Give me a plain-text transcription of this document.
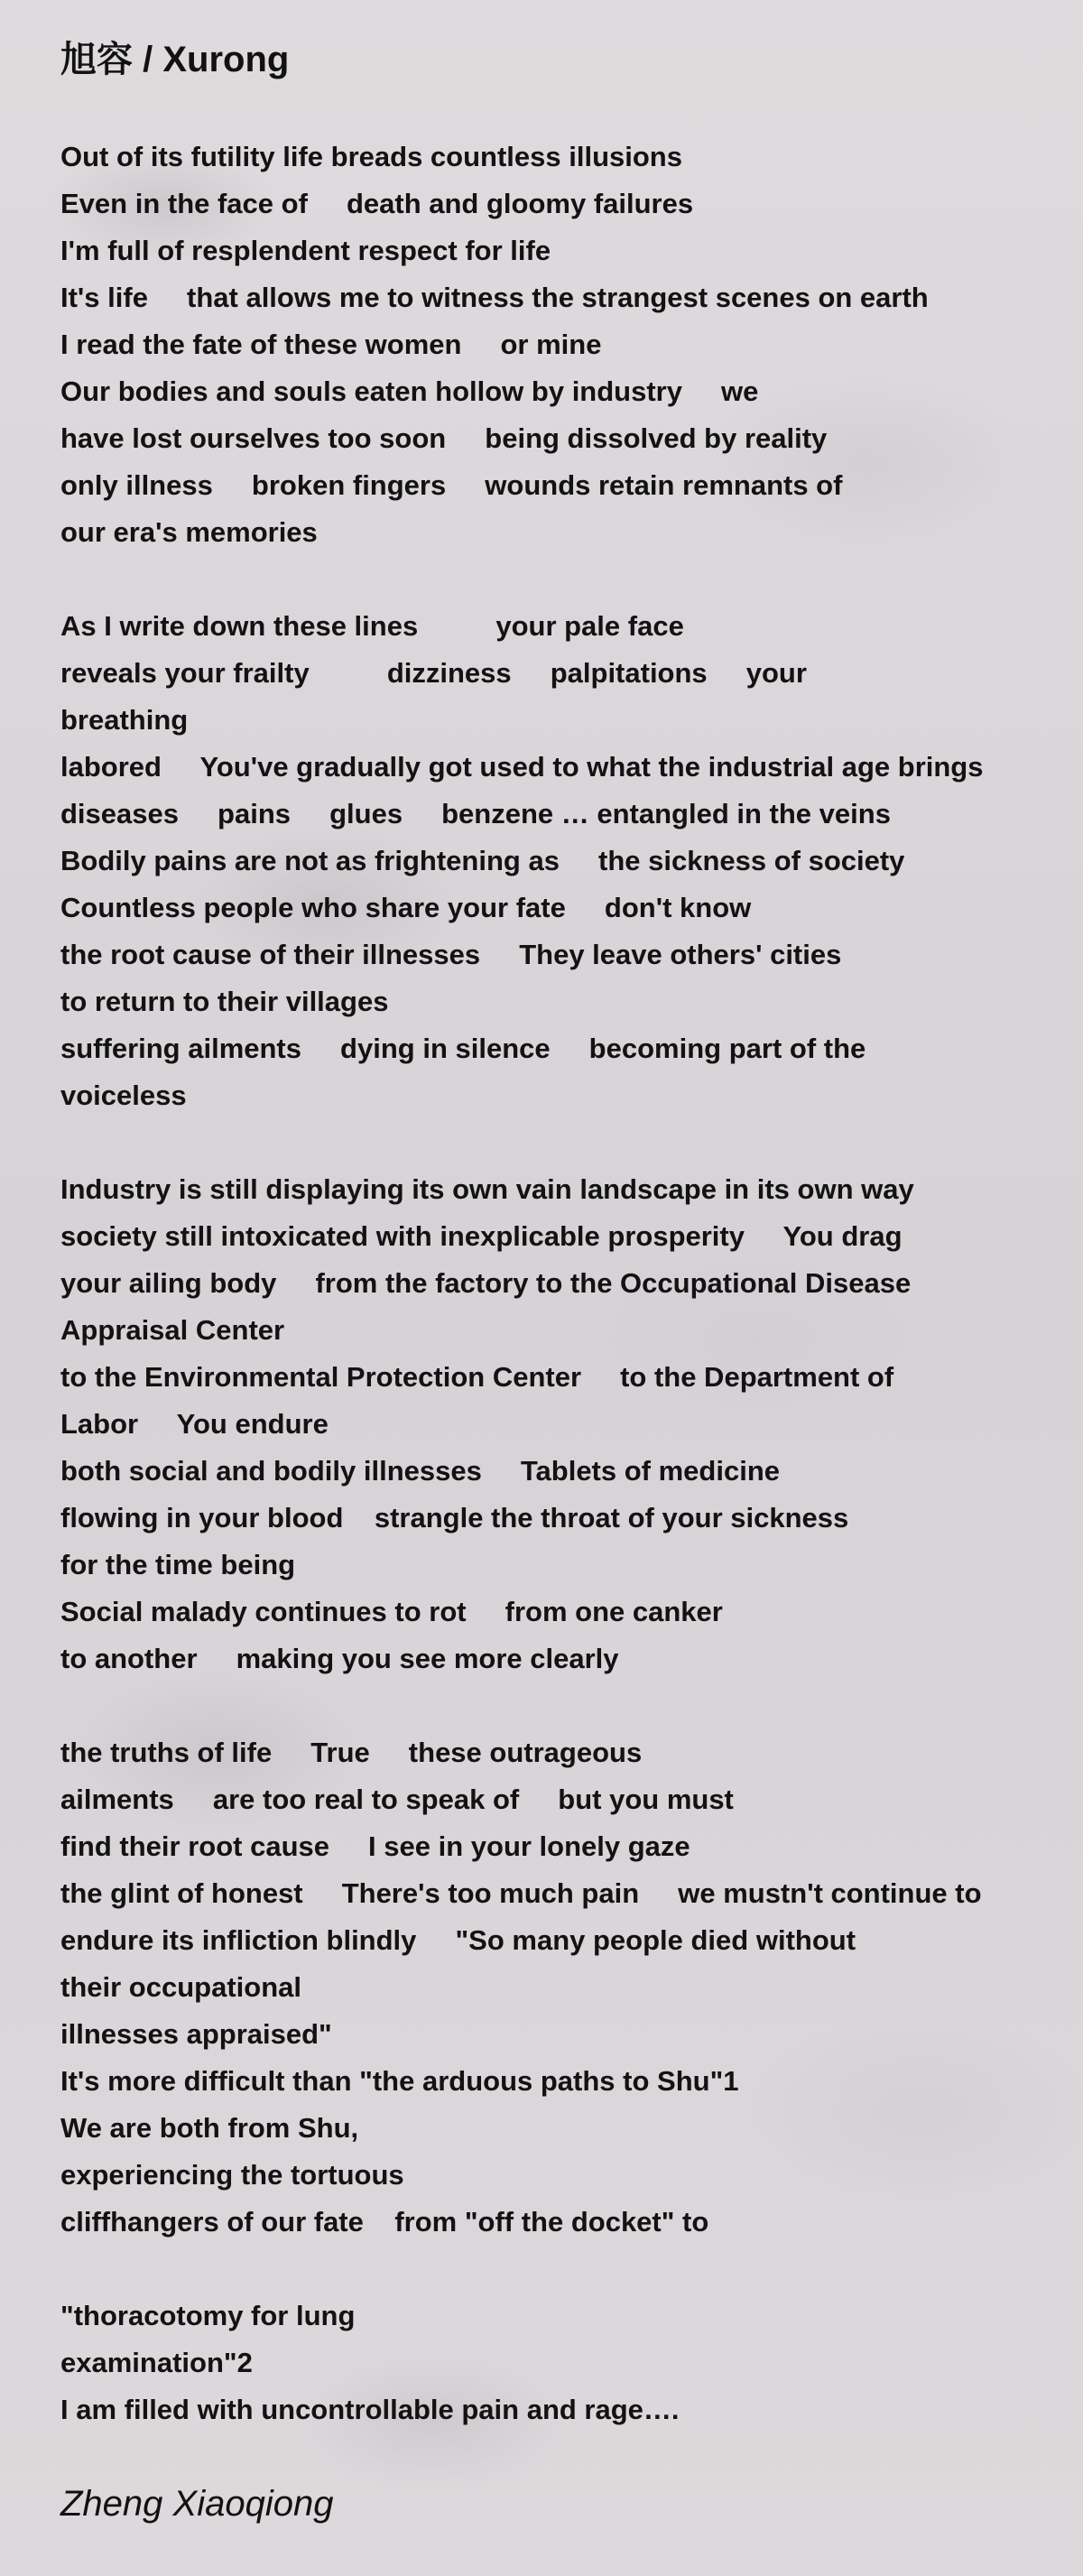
旭容 / Xurong
Out of its futility life breads countless illusions
Even in the face of     death and gloomy failures
I'm full of resplendent respect for life
It's life     that allows me to witness the strangest scenes on earth
I read the fate of these women     or mine
Our bodies and souls eaten hollow by industry     we
have lost ourselves too soon     being dissolved by reality
only illness     broken fingers     wounds retain remnants of
our era's memories
As I write down these lines          your pale face
reveals your frailty          dizziness     palpitations     your
breathing
labored     You've gradually got used to what the industrial age brings
diseases     pains     glues     benzene … entangled in the veins
Bodily pains are not as frightening as     the sickness of society
Countless people who share your fate     don't know
the root cause of their illnesses     They leave others' cities
to return to their villages
suffering ailments     dying in silence     becoming part of the
voiceless
Industry is still displaying its own vain landscape in its own way
society still intoxicated with inexplicable prosperity     You drag
your ailing body     from the factory to the Occupational Disease
Appraisal Center
to the Environmental Protection Center     to the Department of
Labor     You endure
both social and bodily illnesses     Tablets of medicine
flowing in your blood    strangle the throat of your sickness
for the time being
Social malady continues to rot     from one canker
to another     making you see more clearly
the truths of life     True     these outrageous
ailments     are too real to speak of     but you must
find their root cause     I see in your lonely gaze
the glint of honest     There's too much pain     we mustn't continue to
endure its infliction blindly     "So many people died without
their occupational
illnesses appraised"
It's more difficult than "the arduous paths to Shu"1
We are both from Shu,
experiencing the tortuous
cliffhangers of our fate    from "off the docket" to
"thoracotomy for lung
examination"2
I am filled with uncontrollable pain and rage….

Zheng Xiaoqiong
